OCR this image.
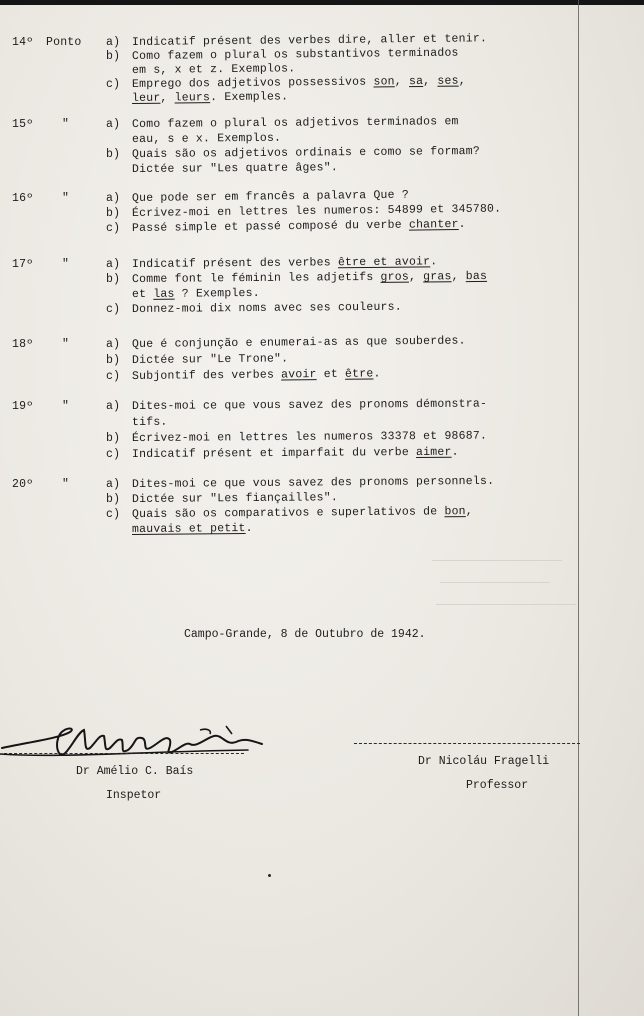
14º Ponto a) Indicatif présent des verbes dire, aller et tenir.
b) Como fazem o plural os substantivos terminados
em s, x et z. Exemplos.
c) Emprego dos adjetivos possessivos son, sa, ses,
leur, leurs. Exemples.
15º "	a) Como fazem o plural os adjetivos terminados em
eau, s e x. Exemplos.
b) Quais são os adjetivos ordinais e como se formam?
Dictée sur "Les quatre âges".
16º "	a) Que pode ser em francês a palavra Que ?
b) Écrivez-moi en lettres les numeros: 54899 et 345780.
c) Passé simple et passé composé du verbe chanter.
17º "	a) Indicatif présent des verbes être et avoir.
b) Comme font le féminin les adjetifs gros, gras, bas
et las ? Exemples.
c) Donnez-moi dix noms avec ses couleurs.
18º "	a) Que é conjunção e enumerai-as as que souberdes.
b) Dictée sur "Le Trone".
c) Subjontif des verbes avoir et être.
19º "	a) Dites-moi ce que vous savez des pronoms démonstra-
tifs.
b) Écrivez-moi en lettres les numeros 33378 et 98687.
c) Indicatif présent et imparfait du verbe aimer.
20º "	a) Dites-moi ce que vous savez des pronoms personnels.
b) Dictée sur "Les fiançailles".
c) Quais são os comparativos e superlativos de bon,
mauvais et petit.
Campo-Grande, 8 de Outubro de 1942.
Dr Amélio C. Baís
Inspetor
Dr Nicoláu Fragelli
Professor
